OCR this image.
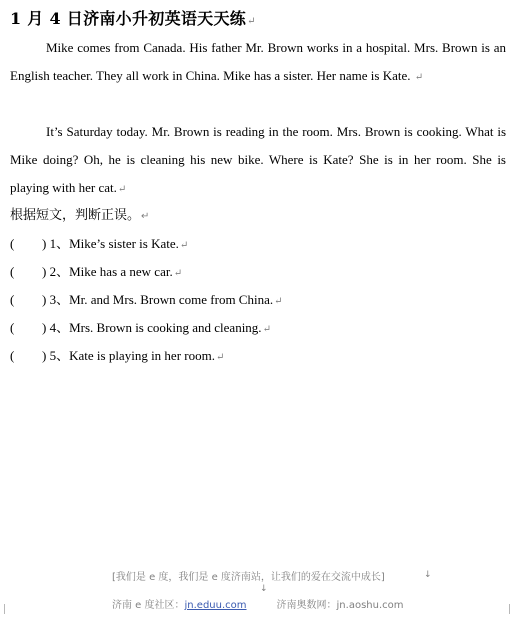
1 月 4 日济南小升初英语天天练↵

Mike comes from Canada. His father Mr. Brown works in a hospital. Mrs. Brown is an English teacher. They all work in China. Mike has a sister. Her name is Kate. ↵

It’s Saturday today. Mr. Brown is reading in the room. Mrs. Brown is cooking. What is Mike doing? Oh, he is cleaning his new bike. Where is Kate? She is in her room. She is playing with her cat.↵

根据短文，判断正误。↵
( ) 1、Mike’s sister is Kate.↵
( ) 2、Mike has a new car.↵
( ) 3、Mr. and Mrs. Brown come from China.↵
( ) 4、Mrs. Brown is cooking and cleaning.↵
( ) 5、Kate is playing in her room.↵
[我们是 e 度，我们是 e 度济南站，让我们的爱在交流中成长]	↓
↓
济南 e 度社区：jn.eduu.com	济南奥数网：jn.aoshu.com
